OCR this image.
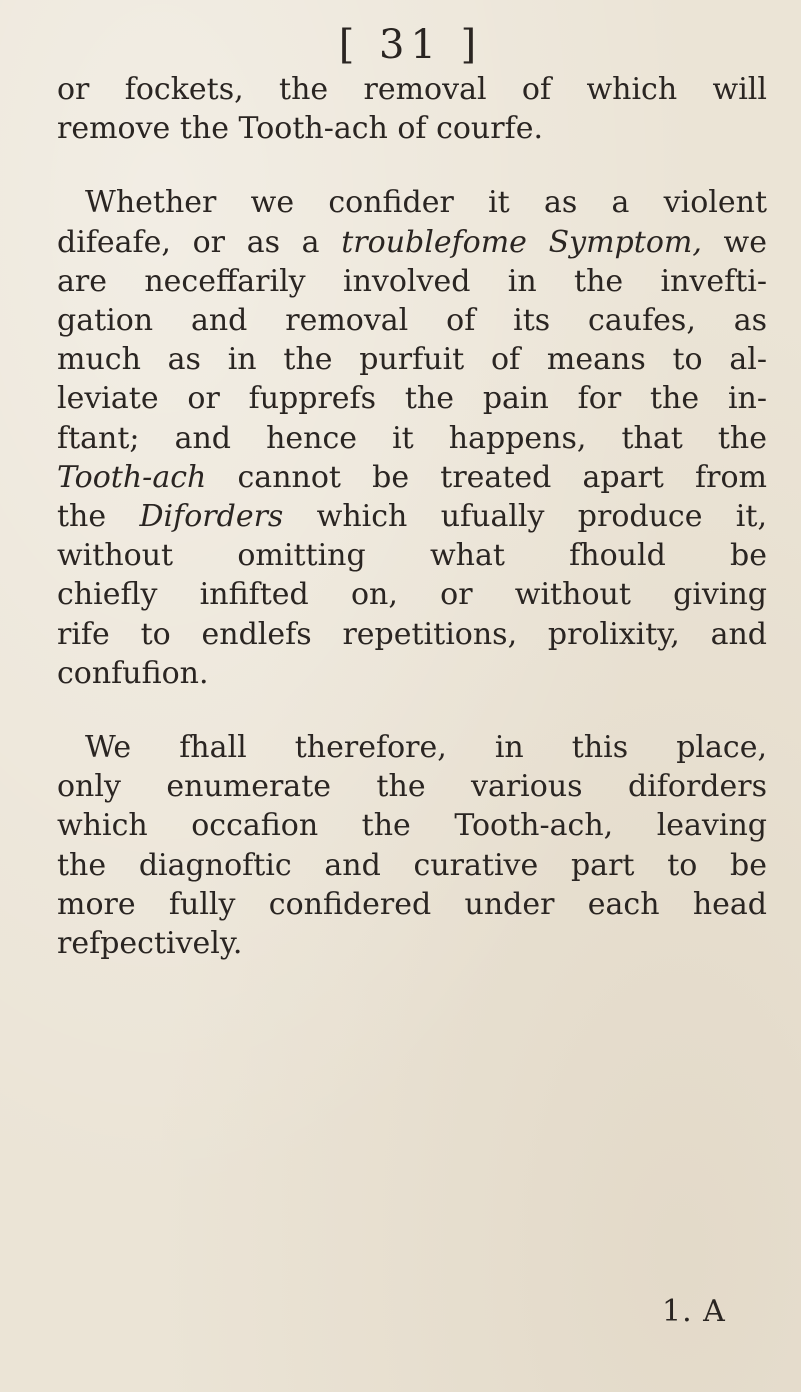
[ 31 ]
or fockets, the removal of which will
remove the Tooth-ach of courfe.
Whether we confider it as a violent
difeafe, or as a troublefome Symptom, we
are neceffarily involved in the invefti-
gation and removal of its caufes, as
much as in the purfuit of means to al-
leviate or fupprefs the pain for the in-
ftant; and hence it happens, that the
Tooth-ach cannot be treated apart from
the Diforders which ufually produce it,
without omitting what fhould be
chiefly infifted on, or without giving
rife to endlefs repetitions, prolixity, and
confufion.
We fhall therefore, in this place,
only enumerate the various diforders
which occafion the Tooth-ach, leaving
the diagnoftic and curative part to be
more fully confidered under each head
refpectively.
1. A
